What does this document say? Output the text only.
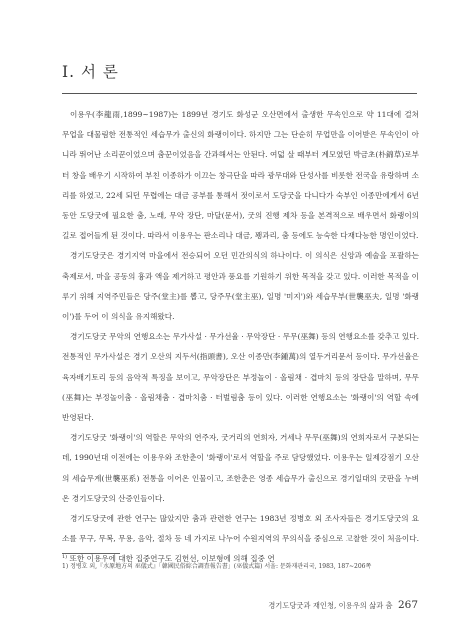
Ⅰ. 서 론

이용우(李龍雨,1899~1987)는 1899년 경기도 화성군 오산면에서 출생한 무속인으로 약 11대에 걸쳐 무업을 대물림한 전통적인 세습무가 출신의 화랭이이다. 하지만 그는 단순히 무업만을 이어받은 무속인이 아니라 뛰어난 소리꾼이었으며 춤꾼이었음을 간과해서는 안된다. 여덟 살 때부터 계모였던 박금초(朴錦草)로부터 창을 배우기 시작하여 부친 이종하가 이끄는 창극단을 따라 광무대와 단성사를 비롯한 전국을 유랑하며 소리를 하였고, 22세 되던 무렵에는 대금 공부를 통해서 젓이로서 도당굿을 다니다가 숙부인 이종만에게서 6년 동안 도당굿에 필요한 춤, 노래, 무악 장단, 마달(문서), 굿의 진행 제차 등을 본격적으로 배우면서 화랭이의 길로 접어들게 된 것이다. 따라서 이용우는 판소리나 대금, 꽹과리, 춤 등에도 능숙한 다재다능한 명인이었다.

경기도당굿은 경기지역 마을에서 전승되어 오던 민간의식의 하나이다. 이 의식은 신앙과 예술을 포괄하는 축제로서, 마을 공동의 흉과 액을 제거하고 평안과 풍요를 기원하기 위한 목적을 갖고 있다. 이러한 목적을 이루기 위해 지역주민들은 당주(堂主)를 뽑고, 당주무(堂主巫), 일명 '미지')와 세습무부(世襲巫夫, 일명 '화랭이')를 두어 이 의식을 유지해왔다.

경기도당굿 무악의 연행요소는 무가사설 · 무가선율 · 무악장단 · 무무(巫舞) 등의 연행요소를 갖추고 있다. 전통적인 무가사설은 경기 오산의 지두서(指頭書), 오산 이종만(李鍾萬)의 열두거리문서 등이다. 무가선율은 육자배기토리 등의 음악적 특징을 보이고, 무악장단은 부정놀이 · 올림채 · 겹마치 등의 장단을 말하며, 무무(巫舞)는 부정놀이춤 · 올림채춤 · 겹마치춤 · 터벌림춤 등이 있다. 이러한 연행요소는 '화랭이'의 역할 속에 반영된다.

경기도당굿 '화랭이'의 역할은 무악의 연주자, 굿거리의 연희자, 거세나 무무(巫舞)의 연희자로서 구분되는데, 1990년대 이전에는 이용우와 조한춘이 '화랭이'로서 역할을 주로 담당했었다. 이용우는 일제강점기 오산의 세습무계(世襲巫系) 전통을 이어온 인물이고, 조한춘은 영종 세습무가 출신으로 경기일대의 굿판을 누벼 온 경기도당굿의 산증인들이다.

경기도당굿에 관한 연구는 많았지만 춤과 관련한 연구는 1983년 정병호 외 조사자들은 경기도당굿의 요소를 무구, 무복, 무용, 음악, 절차 등 네 가지로 나누어 수원지역의 무의식을 중심으로 고찰한 것이 처음이다.$^{1)}$ 또한 이용우에 대한 집중연구도 김헌선, 이보형에 의해 집중 연

1) 정병호 외,『水原地方의 巫儀式』「韓國民俗綜合調査報告書」(巫儀式篇) 서울: 문화재관리국, 1983, 187~206쪽
경기도당굿과 재인청, 이용우의 삶과 춤 267
